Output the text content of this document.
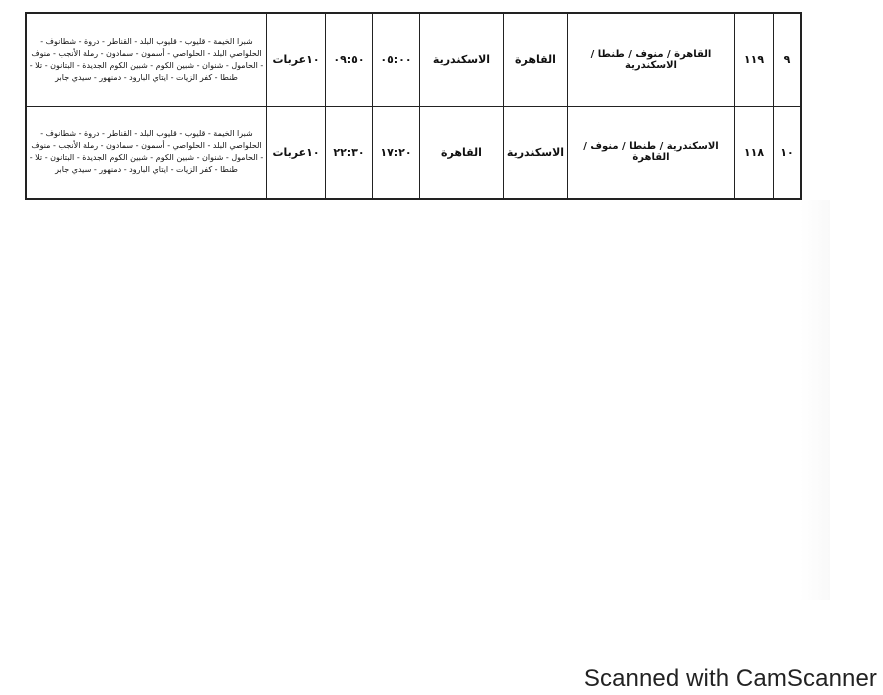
٩	١١٩	القاهرة / منوف / طنطا / الاسكندرية	القاهرة	الاسكندرية	٠٥:٠٠	٠٩:٥٠	١٠عربات	شبرا الخيمة - قليوب - قليوب البلد - القناطر - دروة - شطانوف - الحلواصي البلد - الحلواصي - أسمون - سمادون - رملة الأنجب - منوف - الحامول - شنوان - شبين الكوم - شبين الكوم الجديدة - البتانون - تلا - طنطا - كفر الزيات - ايتاي البارود - دمنهور - سيدي جابر
١٠	١١٨	الاسكندرية / طنطا / منوف / القاهرة	الاسكندرية	القاهرة	١٧:٢٠	٢٢:٣٠	١٠عربات	شبرا الخيمة - قليوب - قليوب البلد - القناطر - دروة - شطانوف - الحلواصي البلد - الحلواصي - أسمون - سمادون - رملة الأنجب - منوف - الحامول - شنوان - شبين الكوم - شبين الكوم الجديدة - البتانون - تلا - طنطا - كفر الزيات - ايتاي البارود - دمنهور - سيدي جابر
Scanned with CamScanner
